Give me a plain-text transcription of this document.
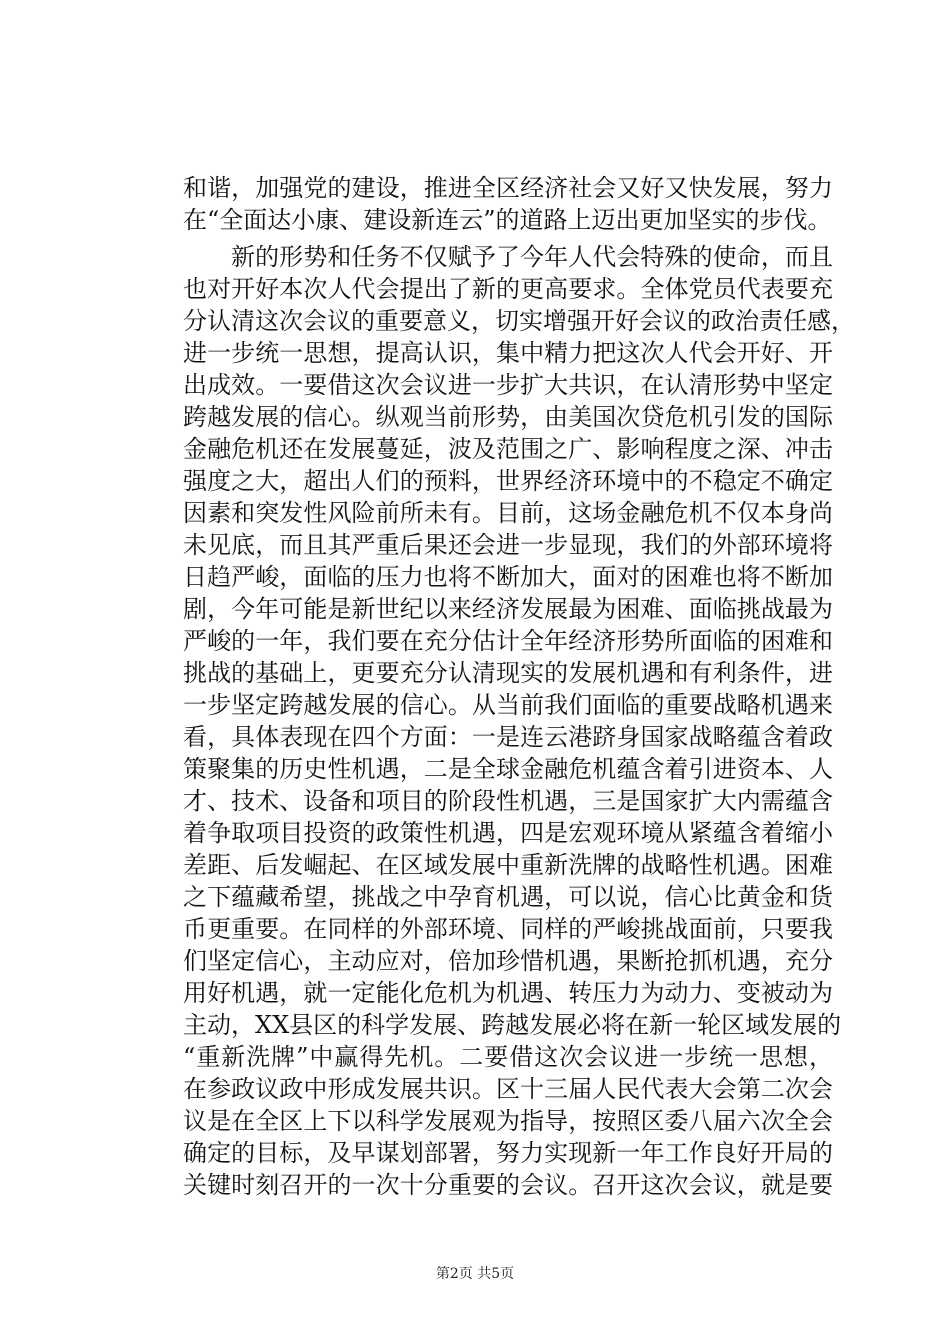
和谐，加强党的建设，推进全区经济社会又好又快发展，努力
在“全面达小康、建设新连云”的道路上迈出更加坚实的步伐。
新的形势和任务不仅赋予了今年人代会特殊的使命，而且
也对开好本次人代会提出了新的更高要求。全体党员代表要充
分认清这次会议的重要意义，切实增强开好会议的政治责任感，
进一步统一思想，提高认识，集中精力把这次人代会开好、开
出成效。一要借这次会议进一步扩大共识，在认清形势中坚定
跨越发展的信心。纵观当前形势，由美国次贷危机引发的国际
金融危机还在发展蔓延，波及范围之广、影响程度之深、冲击
强度之大，超出人们的预料，世界经济环境中的不稳定不确定
因素和突发性风险前所未有。目前，这场金融危机不仅本身尚
未见底，而且其严重后果还会进一步显现，我们的外部环境将
日趋严峻，面临的压力也将不断加大，面对的困难也将不断加
剧，今年可能是新世纪以来经济发展最为困难、面临挑战最为
严峻的一年，我们要在充分估计全年经济形势所面临的困难和
挑战的基础上，更要充分认清现实的发展机遇和有利条件，进
一步坚定跨越发展的信心。从当前我们面临的重要战略机遇来
看，具体表现在四个方面：一是连云港跻身国家战略蕴含着政
策聚集的历史性机遇，二是全球金融危机蕴含着引进资本、人
才、技术、设备和项目的阶段性机遇，三是国家扩大内需蕴含
着争取项目投资的政策性机遇，四是宏观环境从紧蕴含着缩小
差距、后发崛起、在区域发展中重新洗牌的战略性机遇。困难
之下蕴藏希望，挑战之中孕育机遇，可以说，信心比黄金和货
币更重要。在同样的外部环境、同样的严峻挑战面前，只要我
们坚定信心，主动应对，倍加珍惜机遇，果断抢抓机遇，充分
用好机遇，就一定能化危机为机遇、转压力为动力、变被动为
主动，XX县区的科学发展、跨越发展必将在新一轮区域发展的
“重新洗牌”中赢得先机。二要借这次会议进一步统一思想，
在参政议政中形成发展共识。区十三届人民代表大会第二次会
议是在全区上下以科学发展观为指导，按照区委八届六次全会
确定的目标，及早谋划部署，努力实现新一年工作良好开局的
关键时刻召开的一次十分重要的会议。召开这次会议，就是要
第2页 共5页
